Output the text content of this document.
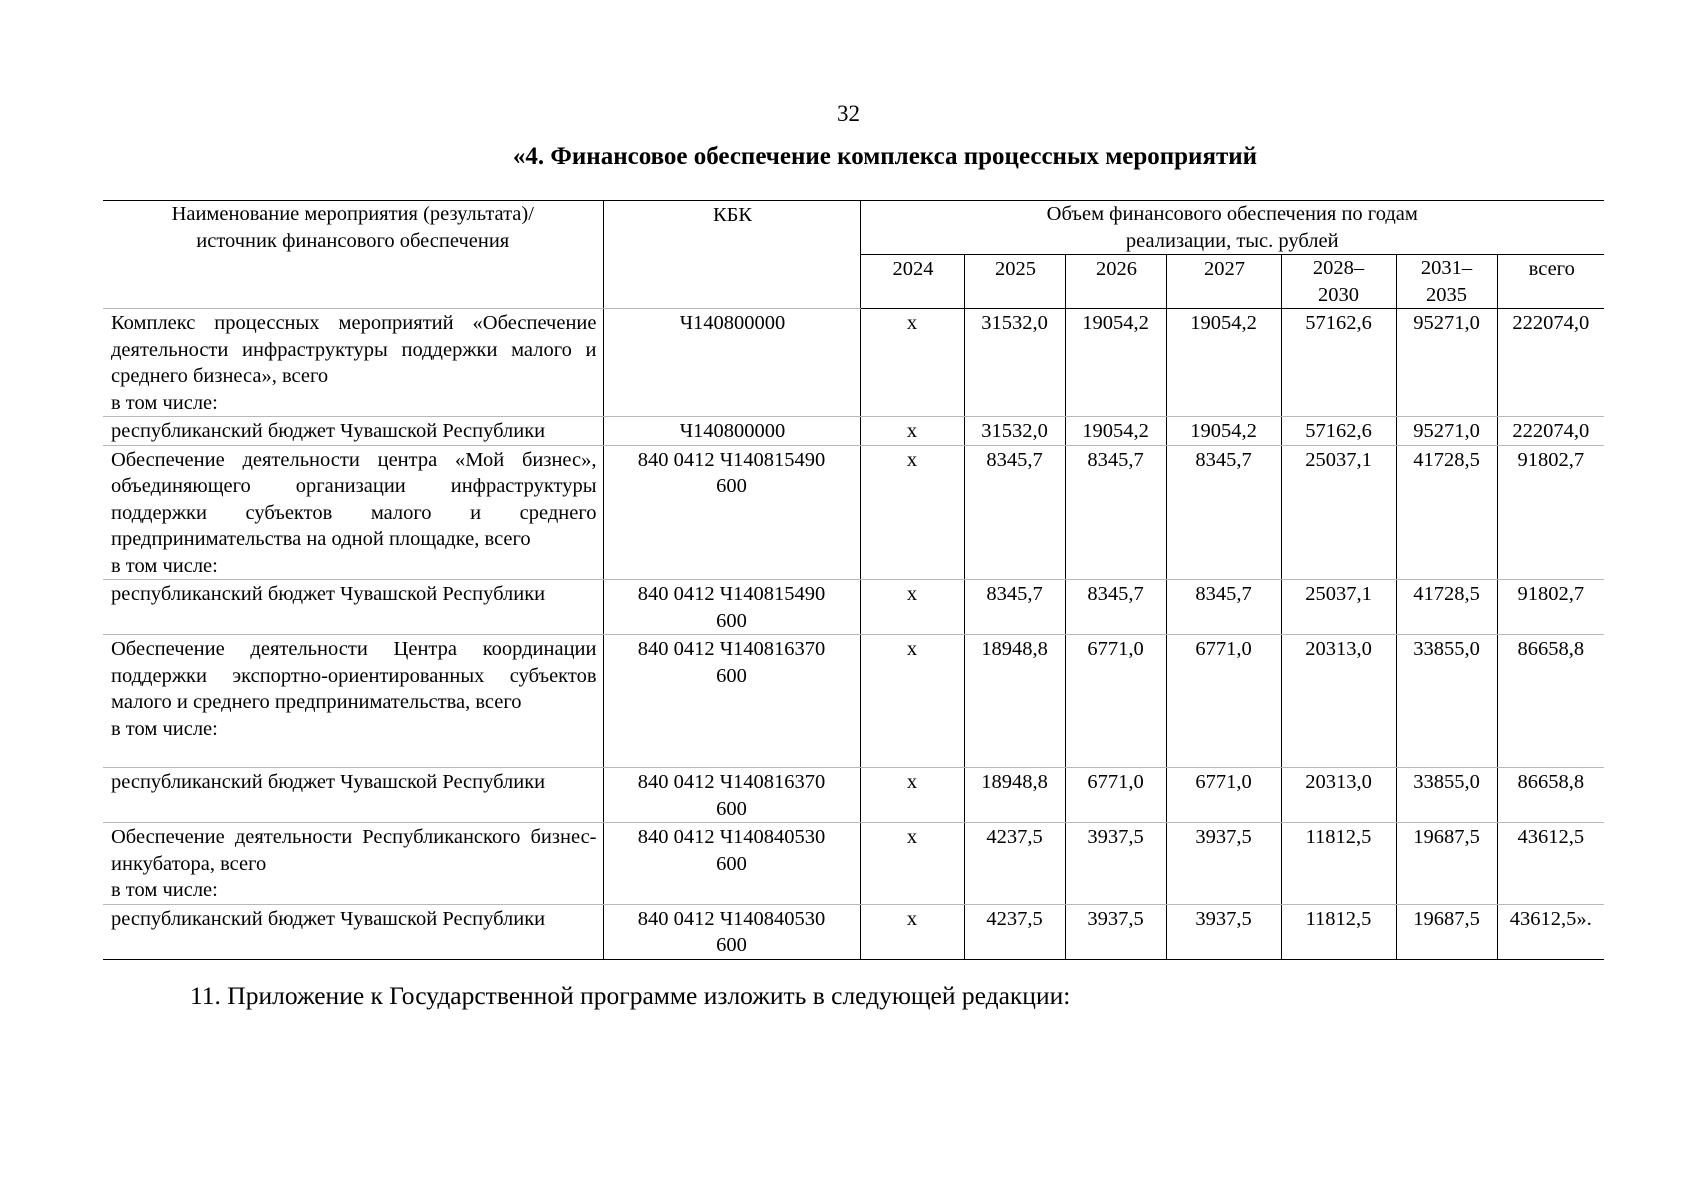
32
«4. Финансовое обеспечение комплекса процессных мероприятий
Наименование мероприятия (результата)/ источник финансового обеспечения	КБК	Объем финансового обеспечения по годам реализации, тыс. рублей						
		2024	2025	2026	2027	2028–2030	2031–2035	всего
Комплекс процессных мероприятий «Обеспечение деятельности инфраструктуры поддержки малого и среднего бизнеса», всего
в том числе:	Ч140800000	х	31532,0	19054,2	19054,2	57162,6	95271,0	222074,0
республиканский бюджет Чувашской Республики	Ч140800000	х	31532,0	19054,2	19054,2	57162,6	95271,0	222074,0
Обеспечение деятельности центра «Мой бизнес», объединяющего организации инфраструктуры поддержки субъектов малого и среднего предпринимательства на одной площадке, всего
в том числе:	840 0412 Ч140815490 600	х	8345,7	8345,7	8345,7	25037,1	41728,5	91802,7
республиканский бюджет Чувашской Республики	840 0412 Ч140815490 600	х	8345,7	8345,7	8345,7	25037,1	41728,5	91802,7
Обеспечение деятельности Центра координации поддержки экспортно-ориентированных субъектов малого и среднего предпринимательства, всего
в том числе:	840 0412 Ч140816370 600	х	18948,8	6771,0	6771,0	20313,0	33855,0	86658,8
республиканский бюджет Чувашской Республики	840 0412 Ч140816370 600	х	18948,8	6771,0	6771,0	20313,0	33855,0	86658,8
Обеспечение деятельности Республиканского бизнес-инкубатора, всего
в том числе:	840 0412 Ч140840530 600	х	4237,5	3937,5	3937,5	11812,5	19687,5	43612,5
республиканский бюджет Чувашской Республики	840 0412 Ч140840530 600	х	4237,5	3937,5	3937,5	11812,5	19687,5	43612,5».
11. Приложение к Государственной программе изложить в следующей редакции:
